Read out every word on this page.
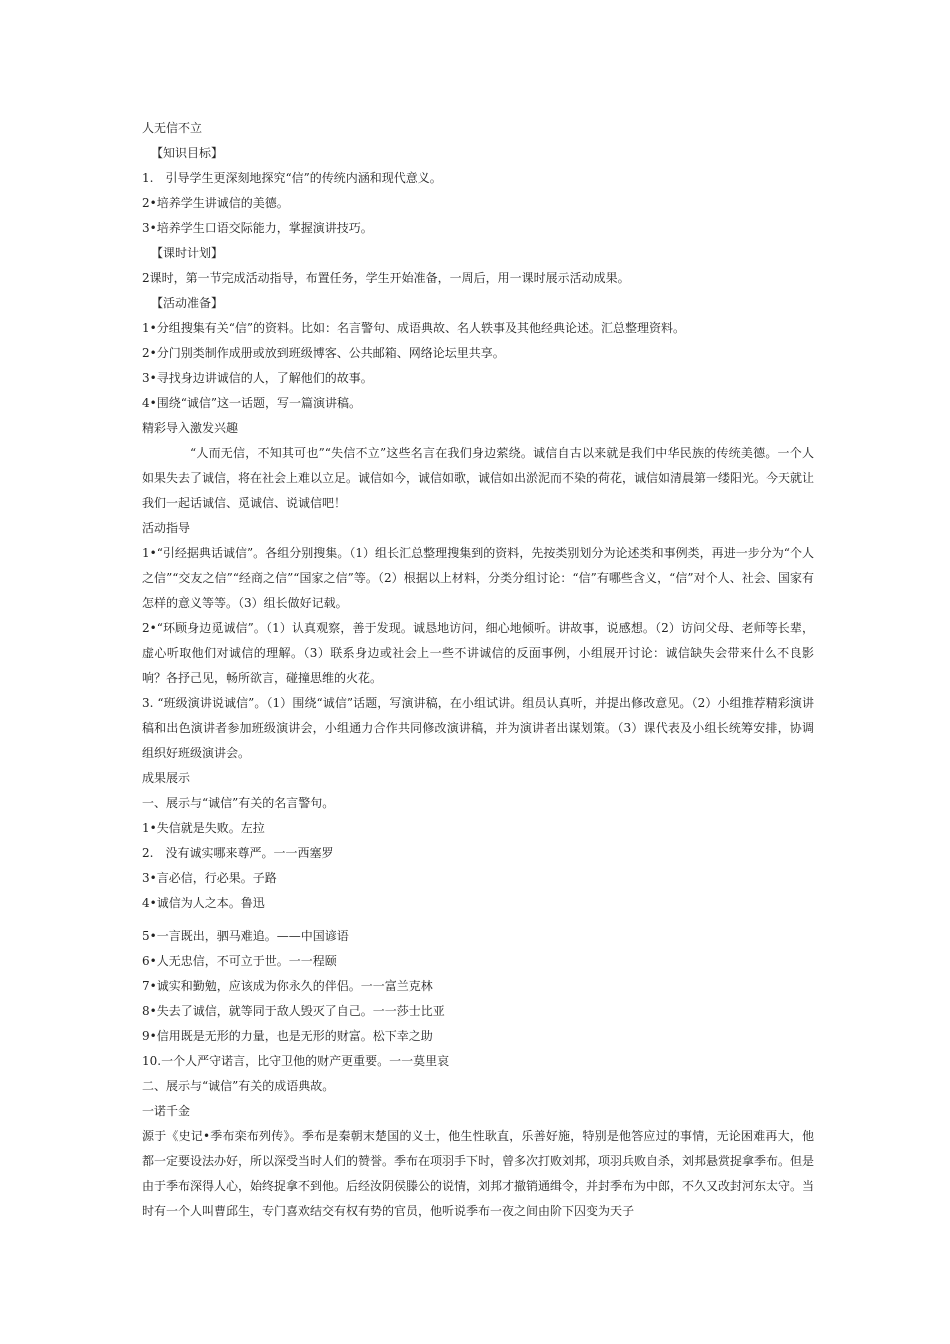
人无信不立
【知识目标】
1.　引导学生更深刻地探究“信”的传统内涵和现代意义。
2•培养学生讲诚信的美德。
3•培养学生口语交际能力，掌握演讲技巧。
【课时计划】
2课时，第一节完成活动指导，布置任务，学生开始准备，一周后，用一课时展示活动成果。
【活动准备】
1•分组搜集有关“信”的资料。比如：名言警句、成语典故、名人轶事及其他经典论述。汇总整理资料。
2•分门别类制作成册或放到班级博客、公共邮箱、网络论坛里共享。
3•寻找身边讲诚信的人，了解他们的故事。
4•围绕“诚信”这一话题，写一篇演讲稿。
精彩导入激发兴趣
“人而无信，不知其可也”“失信不立”这些名言在我们身边萦绕。诚信自古以来就是我们中华民族的传统美德。一个人如果失去了诚信，将在社会上难以立足。诚信如今，诚信如歌，诚信如出淤泥而不染的荷花，诚信如清晨第一缕阳光。今天就让我们一起话诚信、觅诚信、说诚信吧！
活动指导
1•“引经据典话诚信”。各组分别搜集。（1）组长汇总整理搜集到的资料，先按类别划分为论述类和事例类，再进一步分为“个人之信”“交友之信”“经商之信”“国家之信”等。（2）根据以上材料，分类分组讨论：“信”有哪些含义，“信”对个人、社会、国家有怎样的意义等等。（3）组长做好记载。
2•“环顾身边觅诚信”。（1）认真观察，善于发现。诚恳地访问，细心地倾听。讲故事，说感想。（2）访问父母、老师等长辈，虚心听取他们对诚信的理解。（3）联系身边或社会上一些不讲诚信的反面事例，小组展开讨论：诚信缺失会带来什么不良影响？各抒己见，畅所欲言，碰撞思维的火花。
3. “班级演讲说诚信”。（1）围绕“诚信”话题，写演讲稿，在小组试讲。组员认真听，并提出修改意见。（2）小组推荐精彩演讲稿和出色演讲者参加班级演讲会，小组通力合作共同修改演讲稿，并为演讲者出谋划策。（3）课代表及小组长统筹安排，协调组织好班级演讲会。
成果展示
一、展示与“诚信”有关的名言警句。
1•失信就是失败。左拉
2.　没有诚实哪来尊严。一一西塞罗
3•言必信，行必果。子路
4•诚信为人之本。鲁迅
5•一言既出，驷马难追。——中国谚语
6•人无忠信，不可立于世。一一程颐
7•诚实和勤勉，应该成为你永久的伴侣。一一富兰克林
8•失去了诚信，就等同于敌人毁灭了自己。一一莎士比亚
9•信用既是无形的力量，也是无形的财富。松下幸之助
10.一个人严守诺言，比守卫他的财产更重要。一一莫里哀
二、展示与“诚信”有关的成语典故。
一诺千金
源于《史记•季布栾布列传》。季布是秦朝末楚国的义士，他生性耿直，乐善好施，特别是他答应过的事情，无论困难再大，他都一定要设法办好，所以深受当时人们的赞誉。季布在项羽手下时，曾多次打败刘邦，项羽兵败自杀，刘邦悬赏捉拿季布。但是由于季布深得人心，始终捉拿不到他。后经汝阴侯滕公的说情，刘邦才撤销通缉令，并封季布为中郎，不久又改封河东太守。当时有一个人叫曹邱生，专门喜欢结交有权有势的官员，他听说季布一夜之间由阶下囚变为天子
